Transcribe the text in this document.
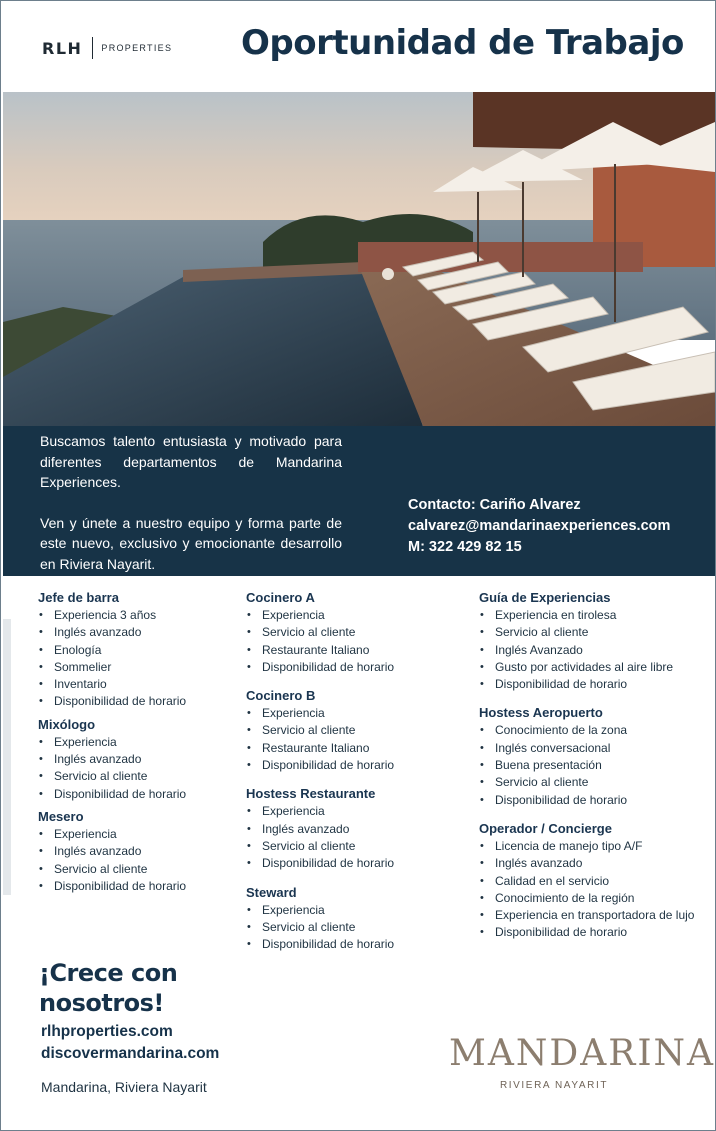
RLH PROPERTIES Oportunidad de Trabajo

Buscamos talento entusiasta y motivado para diferentes departamentos de Mandarina Experiences.

Ven y únete a nuestro equipo y forma parte de este nuevo, exclusivo y emocionante desarrollo en Riviera Nayarit.

Contacto: Cariño Alvarez
calvarez@mandarinaexperiences.com
M: 322 429 82 15
Jefe de barra
• Experiencia 3 años
• Inglés avanzado
• Enología
• Sommelier
• Inventario
• Disponibilidad de horario
Mixólogo
• Experiencia
• Inglés avanzado
• Servicio al cliente
• Disponibilidad de horario
Mesero
• Experiencia
• Inglés avanzado
• Servicio al cliente
• Disponibilidad de horario
Cocinero A
• Experiencia
• Servicio al cliente
• Restaurante Italiano
• Disponibilidad de horario
Cocinero B
• Experiencia
• Servicio al cliente
• Restaurante Italiano
• Disponibilidad de horario
Hostess Restaurante
• Experiencia
• Inglés avanzado
• Servicio al cliente
• Disponibilidad de horario
Steward
• Experiencia
• Servicio al cliente
• Disponibilidad de horario
Guía de Experiencias
• Experiencia en tirolesa
• Servicio al cliente
• Inglés Avanzado
• Gusto por actividades al aire libre
• Disponibilidad de horario
Hostess Aeropuerto
• Conocimiento de la zona
• Inglés conversacional
• Buena presentación
• Servicio al cliente
• Disponibilidad de horario
Operador / Concierge
• Licencia de manejo tipo A/F
• Inglés avanzado
• Calidad en el servicio
• Conocimiento de la región
• Experiencia en transportadora de lujo
• Disponibilidad de horario
¡Crece con
nosotros!
rlhproperties.com
discovermandarina.com
Mandarina, Riviera Nayarit
MANDARINA
RIVIERA NAYARIT
